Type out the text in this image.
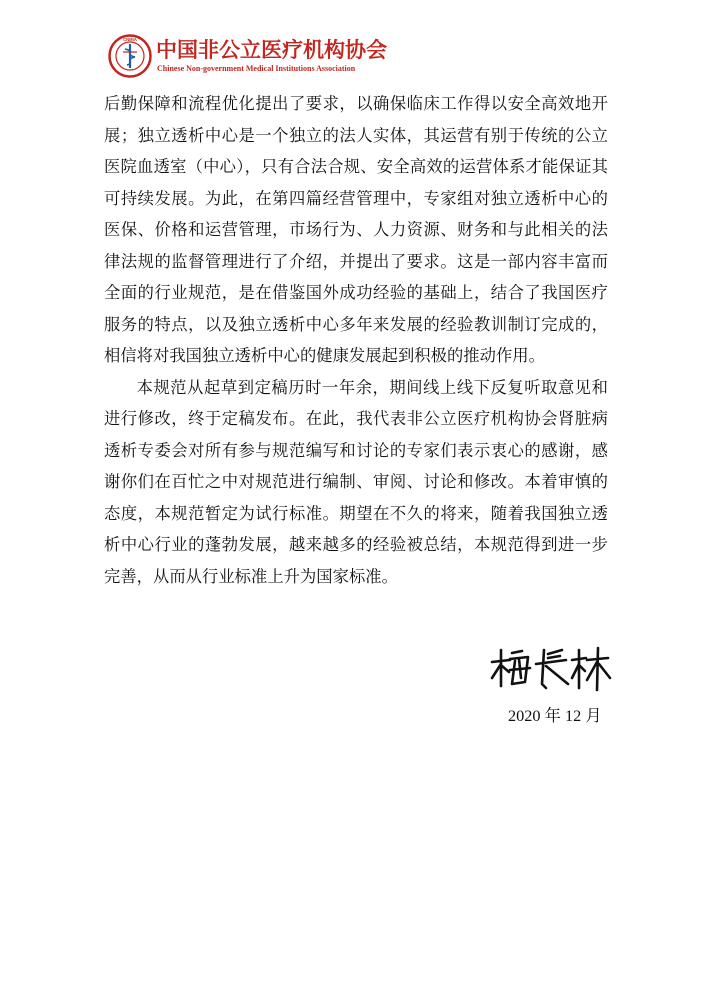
CNMIA 中国非公立医疗机构协会
Chinese Non-government Medical Institutions Association

后勤保障和流程优化提出了要求，以确保临床工作得以安全高效地开展；独立透析中心是一个独立的法人实体，其运营有别于传统的公立医院血透室（中心），只有合法合规、安全高效的运营体系才能保证其可持续发展。为此，在第四篇经营管理中，专家组对独立透析中心的医保、价格和运营管理，市场行为、人力资源、财务和与此相关的法律法规的监督管理进行了介绍，并提出了要求。这是一部内容丰富而全面的行业规范，是在借鉴国外成功经验的基础上，结合了我国医疗服务的特点，以及独立透析中心多年来发展的经验教训制订完成的，相信将对我国独立透析中心的健康发展起到积极的推动作用。

本规范从起草到定稿历时一年余，期间线上线下反复听取意见和进行修改，终于定稿发布。在此，我代表非公立医疗机构协会肾脏病透析专委会对所有参与规范编写和讨论的专家们表示衷心的感谢，感谢你们在百忙之中对规范进行编制、审阅、讨论和修改。本着审慎的态度，本规范暂定为试行标准。期望在不久的将来，随着我国独立透析中心行业的蓬勃发展，越来越多的经验被总结，本规范得到进一步完善，从而从行业标准上升为国家标准。

2020 年 12 月
